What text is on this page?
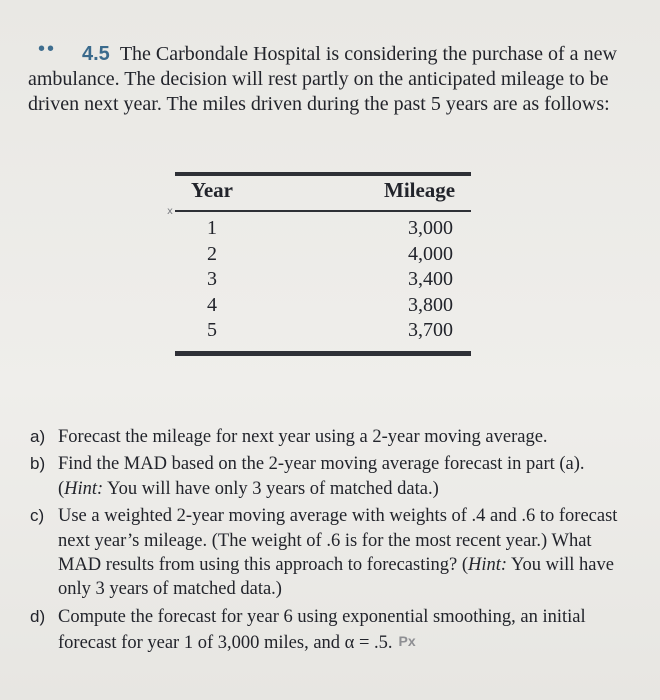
••	4.5 The Carbondale Hospital is considering the purchase of a new ambulance. The decision will rest partly on the anticipated mileage to be driven next year. The miles driven during the past 5 years are as follows:

x
Year	Mileage
1
2
3
4
5
3,000
4,000
3,400
3,800
3,700
a) Forecast the mileage for next year using a 2-year moving average.
b) Find the MAD based on the 2-year moving average forecast in part (a). (Hint: You will have only 3 years of matched data.)
c) Use a weighted 2-year moving average with weights of .4 and .6 to forecast next year’s mileage. (The weight of .6 is for the most recent year.) What MAD results from using this approach to forecasting? (Hint: You will have only 3 years of matched data.)
d) Compute the forecast for year 6 using exponential smoothing, an initial forecast for year 1 of 3,000 miles, and α = .5. Px
